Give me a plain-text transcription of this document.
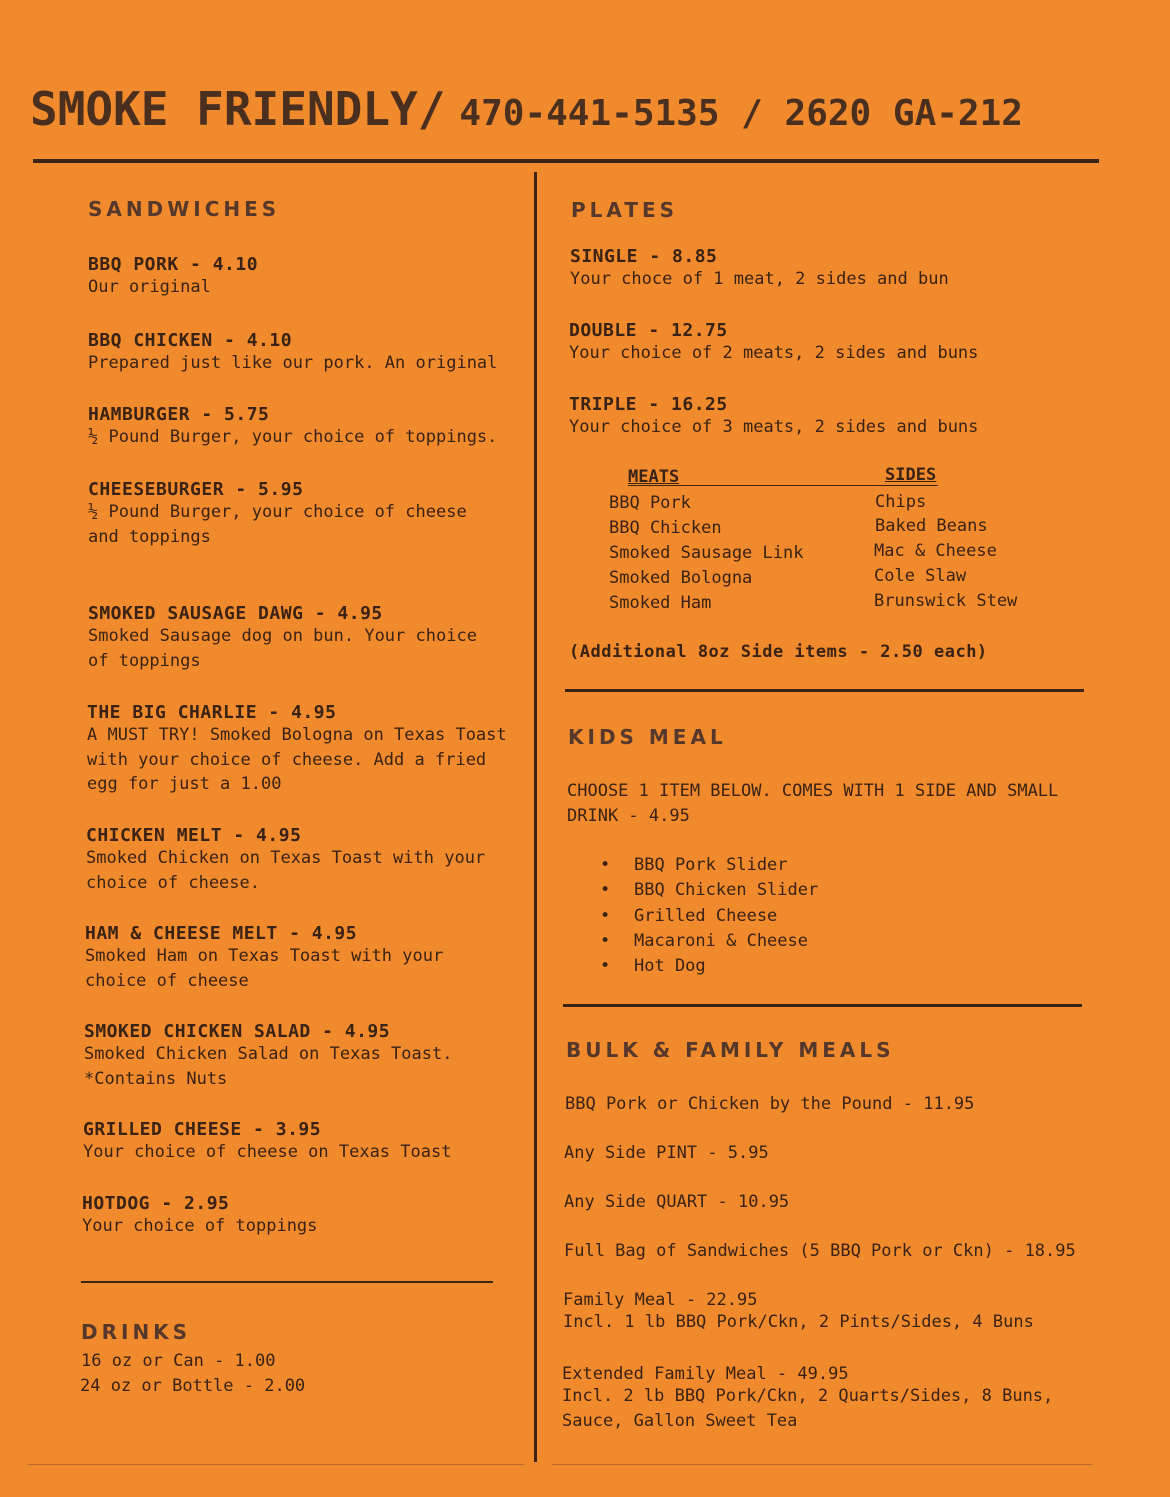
SMOKE FRIENDLY/ 470-441-5135 / 2620 GA-212
SANDWICHES
BBQ PORK - 4.10
Our original
BBQ CHICKEN - 4.10
Prepared just like our pork. An original
HAMBURGER - 5.75
½ Pound Burger, your choice of toppings.
CHEESEBURGER - 5.95
½ Pound Burger, your choice of cheese and toppings
SMOKED SAUSAGE DAWG - 4.95
Smoked Sausage dog on bun. Your choice of toppings
THE BIG CHARLIE - 4.95
A MUST TRY! Smoked Bologna on Texas Toast with your choice of cheese. Add a fried egg for just a 1.00
CHICKEN MELT - 4.95
Smoked Chicken on Texas Toast with your choice of cheese.
HAM & CHEESE MELT - 4.95
Smoked Ham on Texas Toast with your choice of cheese
SMOKED CHICKEN SALAD - 4.95
Smoked Chicken Salad on Texas Toast. *Contains Nuts
GRILLED CHEESE - 3.95
Your choice of cheese on Texas Toast
HOTDOG - 2.95
Your choice of toppings
DRINKS
16 oz or Can - 1.00
24 oz or Bottle - 2.00
PLATES
SINGLE - 8.85
Your choce of 1 meat, 2 sides and bun
DOUBLE - 12.75
Your choice of 2 meats, 2 sides and buns
TRIPLE - 16.25
Your choice of 3 meats, 2 sides and buns
MEATS	SIDES
BBQ Pork
BBQ Chicken
Smoked Sausage Link
Smoked Bologna
Smoked Ham
Chips
Baked Beans
Mac & Cheese
Cole Slaw
Brunswick Stew
(Additional 8oz Side items - 2.50 each)
KIDS MEAL
CHOOSE 1 ITEM BELOW. COMES WITH 1 SIDE AND SMALL DRINK - 4.95
• BBQ Pork Slider
• BBQ Chicken Slider
• Grilled Cheese
• Macaroni & Cheese
• Hot Dog
BULK & FAMILY MEALS
BBQ Pork or Chicken by the Pound - 11.95
Any Side PINT - 5.95
Any Side QUART - 10.95
Full Bag of Sandwiches (5 BBQ Pork or Ckn) - 18.95
Family Meal - 22.95
Incl. 1 lb BBQ Pork/Ckn, 2 Pints/Sides, 4 Buns
Extended Family Meal - 49.95
Incl. 2 lb BBQ Pork/Ckn, 2 Quarts/Sides, 8 Buns, Sauce, Gallon Sweet Tea
